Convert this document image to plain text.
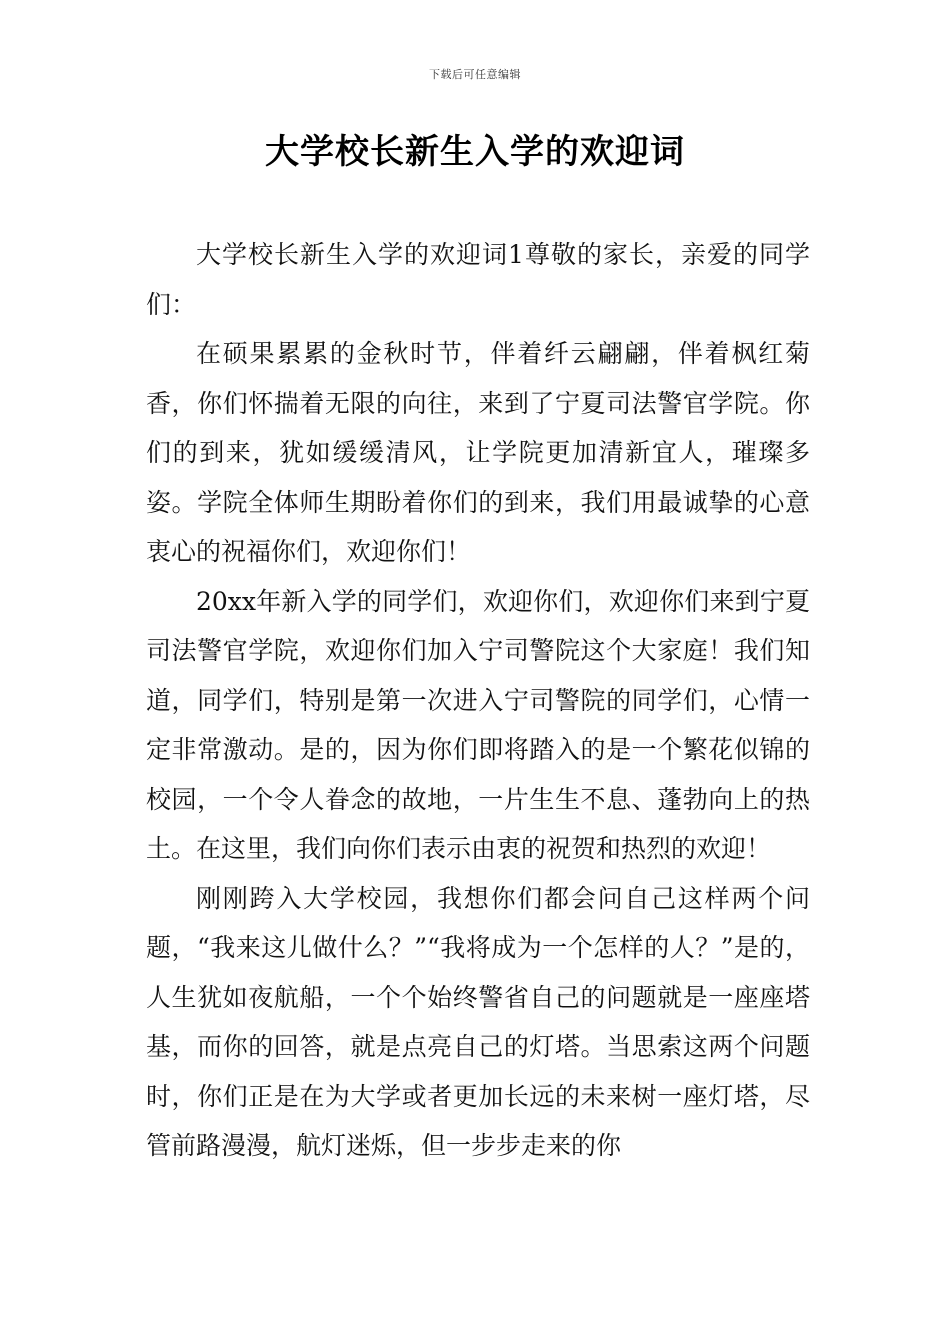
下载后可任意编辑
大学校长新生入学的欢迎词

大学校长新生入学的欢迎词1尊敬的家长，亲爱的同学们：

在硕果累累的金秋时节，伴着纤云翩翩，伴着枫红菊香，你们怀揣着无限的向往，来到了宁夏司法警官学院。你们的到来，犹如缓缓清风，让学院更加清新宜人，璀璨多姿。学院全体师生期盼着你们的到来，我们用最诚挚的心意衷心的祝福你们，欢迎你们！

20xx年新入学的同学们，欢迎你们，欢迎你们来到宁夏司法警官学院，欢迎你们加入宁司警院这个大家庭！我们知道，同学们，特别是第一次进入宁司警院的同学们，心情一定非常激动。是的，因为你们即将踏入的是一个繁花似锦的校园，一个令人眷念的故地，一片生生不息、蓬勃向上的热土。在这里，我们向你们表示由衷的祝贺和热烈的欢迎！

刚刚跨入大学校园，我想你们都会问自己这样两个问题，“我来这儿做什么？”“我将成为一个怎样的人？”是的，人生犹如夜航船，一个个始终警省自己的问题就是一座座塔基，而你的回答，就是点亮自己的灯塔。当思索这两个问题时，你们正是在为大学或者更加长远的未来树一座灯塔，尽管前路漫漫，航灯迷烁，但一步步走来的你
